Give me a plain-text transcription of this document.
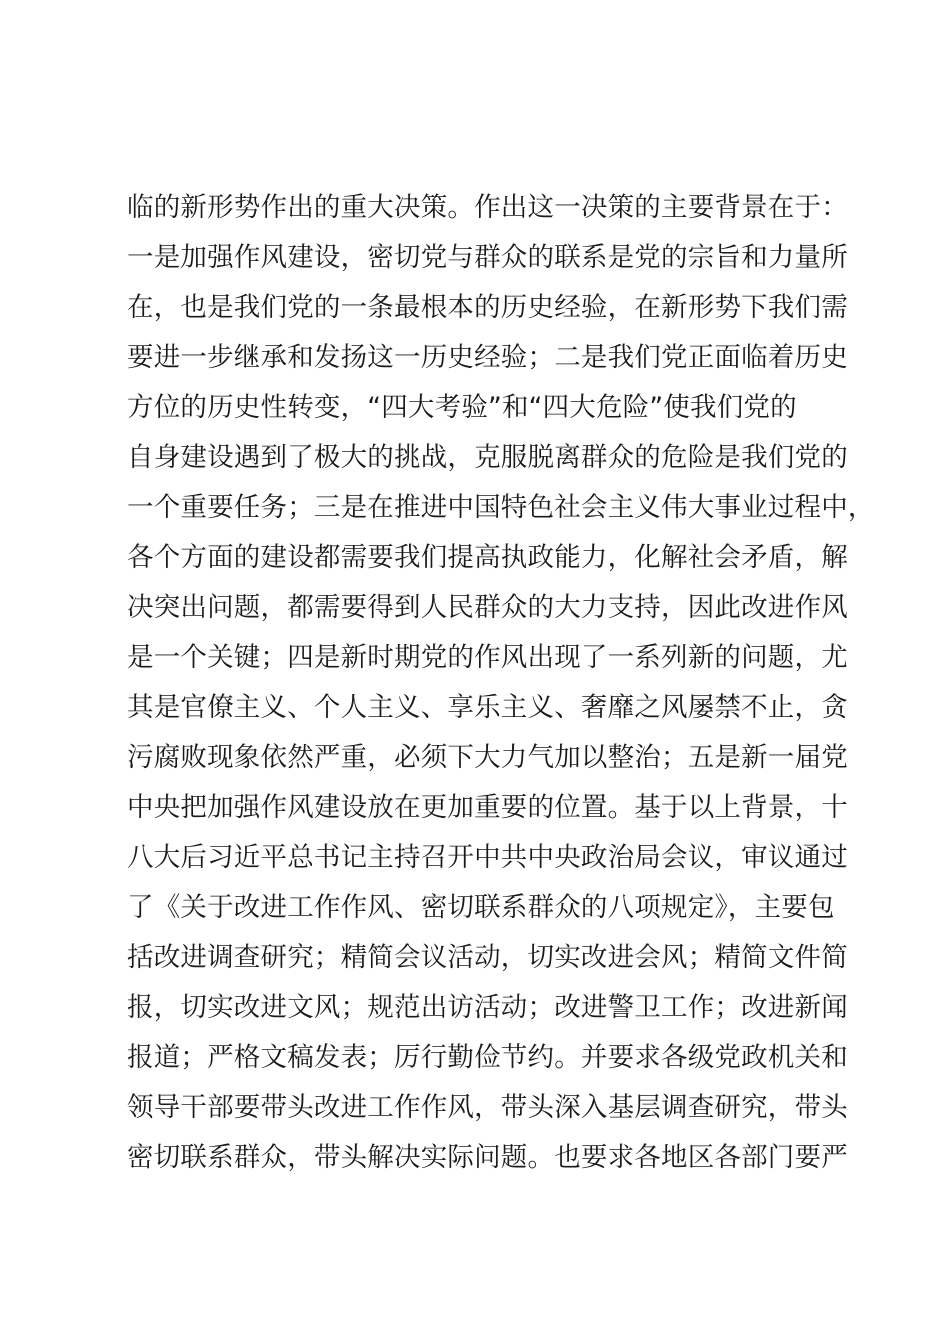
临的新形势作出的重大决策。作出这一决策的主要背景在于：
一是加强作风建设，密切党与群众的联系是党的宗旨和力量所
在，也是我们党的一条最根本的历史经验，在新形势下我们需
要进一步继承和发扬这一历史经验；二是我们党正面临着历史
方位的历史性转变，“四大考验”和“四大危险”使我们党的
自身建设遇到了极大的挑战，克服脱离群众的危险是我们党的
一个重要任务；三是在推进中国特色社会主义伟大事业过程中，
各个方面的建设都需要我们提高执政能力，化解社会矛盾，解
决突出问题，都需要得到人民群众的大力支持，因此改进作风
是一个关键；四是新时期党的作风出现了一系列新的问题，尤
其是官僚主义、个人主义、享乐主义、奢靡之风屡禁不止，贪
污腐败现象依然严重，必须下大力气加以整治；五是新一届党
中央把加强作风建设放在更加重要的位置。基于以上背景，十
八大后习近平总书记主持召开中共中央政治局会议，审议通过
了《关于改进工作作风、密切联系群众的八项规定》，主要包
括改进调查研究；精简会议活动，切实改进会风；精简文件简
报，切实改进文风；规范出访活动；改进警卫工作；改进新闻
报道；严格文稿发表；厉行勤俭节约。并要求各级党政机关和
领导干部要带头改进工作作风，带头深入基层调查研究，带头
密切联系群众，带头解决实际问题。也要求各地区各部门要严
